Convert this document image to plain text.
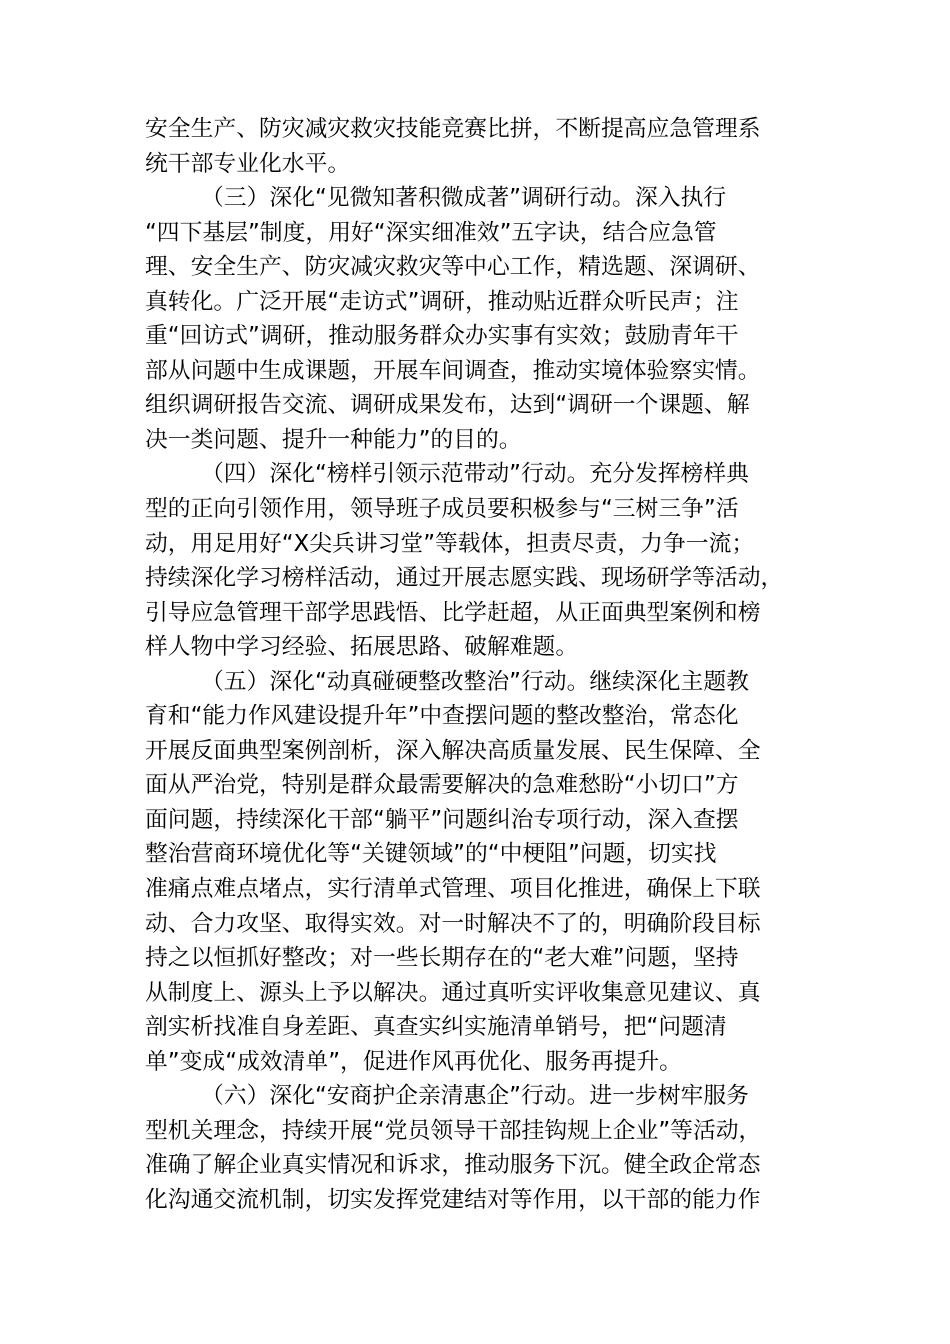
安全生产、防灾减灾救灾技能竞赛比拼，不断提高应急管理系
统干部专业化水平。
（三）深化“见微知著积微成著”调研行动。深入执行
“四下基层”制度，用好“深实细准效”五字诀，结合应急管
理、安全生产、防灾减灾救灾等中心工作，精选题、深调研、
真转化。广泛开展“走访式”调研，推动贴近群众听民声；注
重“回访式”调研，推动服务群众办实事有实效；鼓励青年干
部从问题中生成课题，开展车间调查，推动实境体验察实情。
组织调研报告交流、调研成果发布，达到“调研一个课题、解
决一类问题、提升一种能力”的目的。
（四）深化“榜样引领示范带动”行动。充分发挥榜样典
型的正向引领作用，领导班子成员要积极参与“三树三争”活
动，用足用好“X尖兵讲习堂”等载体，担责尽责，力争一流；
持续深化学习榜样活动，通过开展志愿实践、现场研学等活动，
引导应急管理干部学思践悟、比学赶超，从正面典型案例和榜
样人物中学习经验、拓展思路、破解难题。
（五）深化“动真碰硬整改整治”行动。继续深化主题教
育和“能力作风建设提升年”中查摆问题的整改整治，常态化
开展反面典型案例剖析，深入解决高质量发展、民生保障、全
面从严治党，特别是群众最需要解决的急难愁盼“小切口”方
面问题，持续深化干部“躺平”问题纠治专项行动，深入查摆
整治营商环境优化等“关键领域”的“中梗阻”问题，切实找
准痛点难点堵点，实行清单式管理、项目化推进，确保上下联
动、合力攻坚、取得实效。对一时解决不了的，明确阶段目标
持之以恒抓好整改；对一些长期存在的“老大难”问题，坚持
从制度上、源头上予以解决。通过真听实评收集意见建议、真
剖实析找准自身差距、真查实纠实施清单销号，把“问题清
单”变成“成效清单”，促进作风再优化、服务再提升。
（六）深化“安商护企亲清惠企”行动。进一步树牢服务
型机关理念，持续开展“党员领导干部挂钩规上企业”等活动，
准确了解企业真实情况和诉求，推动服务下沉。健全政企常态
化沟通交流机制，切实发挥党建结对等作用，以干部的能力作
